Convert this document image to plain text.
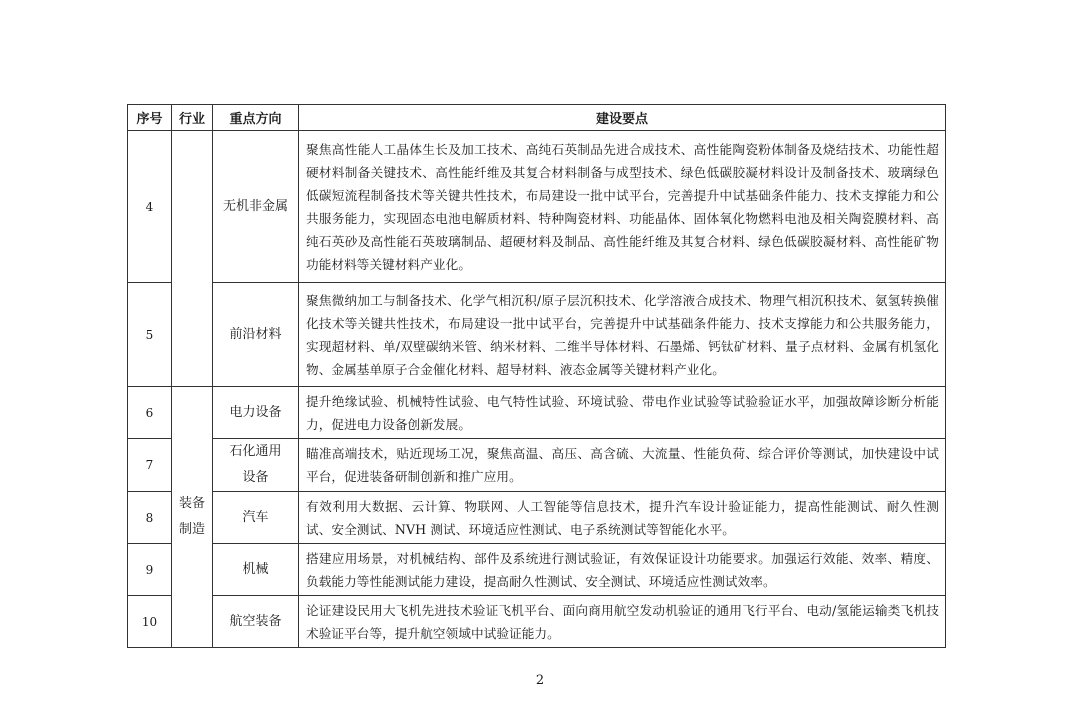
序号	行业	重点方向	建设要点
4		无机非金属	聚焦高性能人工晶体生长及加工技术、高纯石英制品先进合成技术、高性能陶瓷粉体制备及烧结技术、功能性超硬材料制备关键技术、高性能纤维及其复合材料制备与成型技术、绿色低碳胶凝材料设计及制备技术、玻璃绿色低碳短流程制备技术等关键共性技术，布局建设一批中试平台，完善提升中试基础条件能力、技术支撑能力和公共服务能力，实现固态电池电解质材料、特种陶瓷材料、功能晶体、固体氧化物燃料电池及相关陶瓷膜材料、高纯石英砂及高性能石英玻璃制品、超硬材料及制品、高性能纤维及其复合材料、绿色低碳胶凝材料、高性能矿物功能材料等关键材料产业化。
5		前沿材料	聚焦微纳加工与制备技术、化学气相沉积/原子层沉积技术、化学溶液合成技术、物理气相沉积技术、氨氢转换催化技术等关键共性技术，布局建设一批中试平台，完善提升中试基础条件能力、技术支撑能力和公共服务能力，实现超材料、单/双壁碳纳米管、纳米材料、二维半导体材料、石墨烯、钙钛矿材料、量子点材料、金属有机氢化物、金属基单原子合金催化材料、超导材料、液态金属等关键材料产业化。
6	装备制造	电力设备	提升绝缘试验、机械特性试验、电气特性试验、环境试验、带电作业试验等试验验证水平，加强故障诊断分析能力，促进电力设备创新发展。
7		石化通用设备	瞄准高端技术，贴近现场工况，聚焦高温、高压、高含硫、大流量、性能负荷、综合评价等测试，加快建设中试平台，促进装备研制创新和推广应用。
8		汽车	有效利用大数据、云计算、物联网、人工智能等信息技术，提升汽车设计验证能力，提高性能测试、耐久性测试、安全测试、NVH 测试、环境适应性测试、电子系统测试等智能化水平。
9		机械	搭建应用场景，对机械结构、部件及系统进行测试验证，有效保证设计功能要求。加强运行效能、效率、精度、负载能力等性能测试能力建设，提高耐久性测试、安全测试、环境适应性测试效率。
10		航空装备	论证建设民用大飞机先进技术验证飞机平台、面向商用航空发动机验证的通用飞行平台、电动/氢能运输类飞机技术验证平台等，提升航空领域中试验证能力。
2
